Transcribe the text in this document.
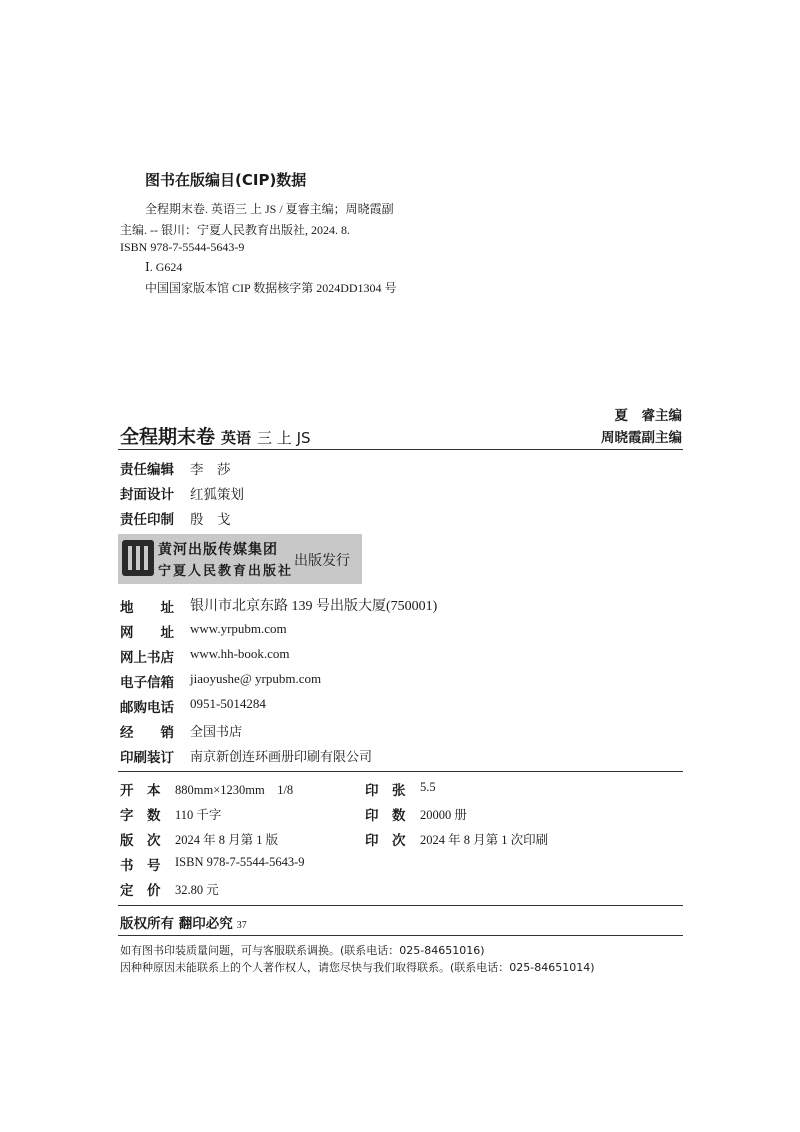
图书在版编目(CIP)数据
全程期末卷. 英语三 上 JS / 夏睿主编；周晓霞副
主编. -- 银川：宁夏人民教育出版社, 2024. 8.
ISBN 978-7-5544-5643-9
Ⅰ. G624
中国国家版本馆 CIP 数据核字第 2024DD1304 号
全程期末卷 英语 三 上 JS
夏　睿主编
周晓霞副主编
责任编辑 李　莎
封面设计 红狐策划
责任印制 殷　戈
黄河出版传媒集团
宁夏人民教育出版社
出版发行
地　　址 银川市北京东路 139 号出版大厦(750001)
网　　址 www.yrpubm.com
网上书店 www.hh-book.com
电子信箱 jiaoyushe@ yrpubm.com
邮购电话 0951-5014284
经　　销 全国书店
印刷装订 南京新创连环画册印刷有限公司
开　本 880mm×1230mm　1/8
字　数 110 千字
版　次 2024 年 8 月第 1 版
书　号 ISBN 978-7-5544-5643-9
定　价 32.80 元
印　张 5.5
印　数 20000 册
印　次 2024 年 8 月第 1 次印刷
版权所有 翻印必究 37
如有图书印装质量问题，可与客服联系调换。(联系电话：025-84651016)
因种种原因未能联系上的个人著作权人，请您尽快与我们取得联系。(联系电话：025-84651014)
